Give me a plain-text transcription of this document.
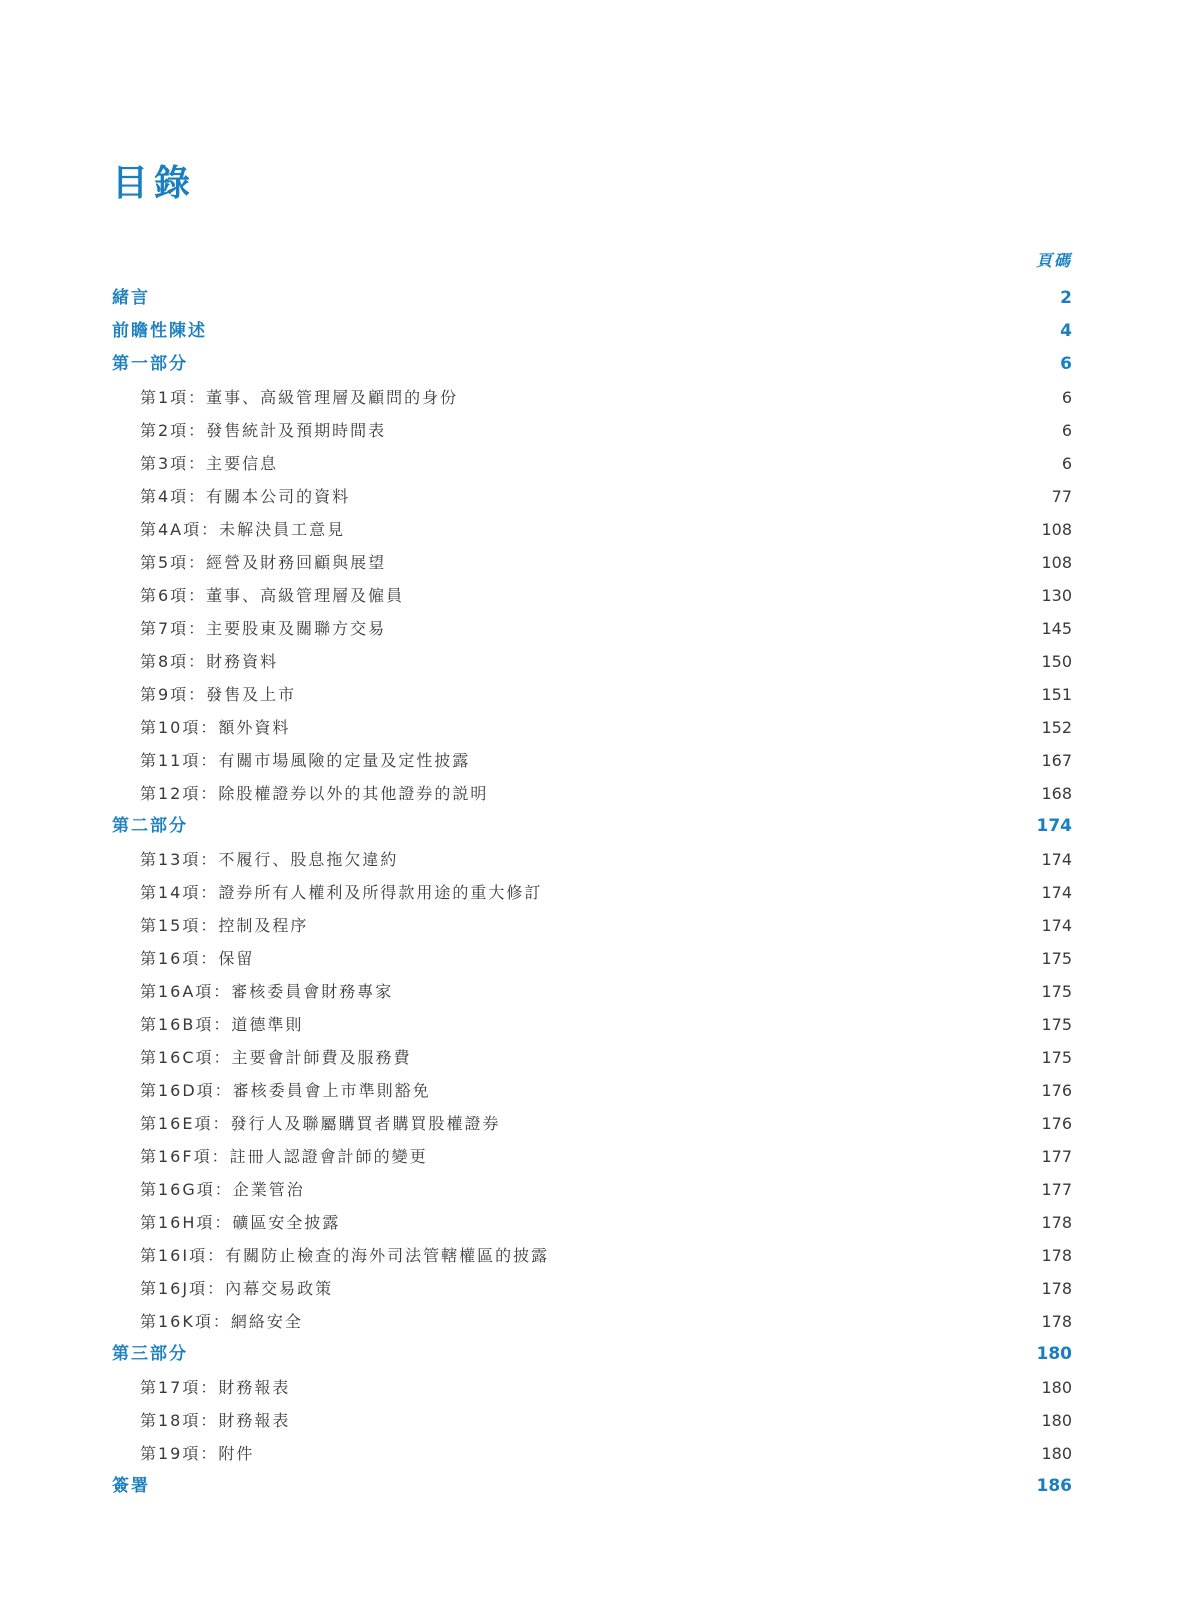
目錄
頁碼
緒言	2
前瞻性陳述	4
第一部分	6
第1項：董事、高級管理層及顧問的身份	6
第2項：發售統計及預期時間表	6
第3項：主要信息	6
第4項：有關本公司的資料	77
第4A項：未解決員工意見	108
第5項：經營及財務回顧與展望	108
第6項：董事、高級管理層及僱員	130
第7項：主要股東及關聯方交易	145
第8項：財務資料	150
第9項：發售及上市	151
第10項：額外資料	152
第11項：有關市場風險的定量及定性披露	167
第12項：除股權證券以外的其他證券的説明	168
第二部分	174
第13項：不履行、股息拖欠違約	174
第14項：證券所有人權利及所得款用途的重大修訂	174
第15項：控制及程序	174
第16項：保留	175
第16A項：審核委員會財務專家	175
第16B項：道德準則	175
第16C項：主要會計師費及服務費	175
第16D項：審核委員會上市準則豁免	176
第16E項：發行人及聯屬購買者購買股權證券	176
第16F項：註冊人認證會計師的變更	177
第16G項：企業管治	177
第16H項：礦區安全披露	178
第16I項：有關防止檢查的海外司法管轄權區的披露	178
第16J項：內幕交易政策	178
第16K項：網絡安全	178
第三部分	180
第17項：財務報表	180
第18項：財務報表	180
第19項：附件	180
簽署	186
